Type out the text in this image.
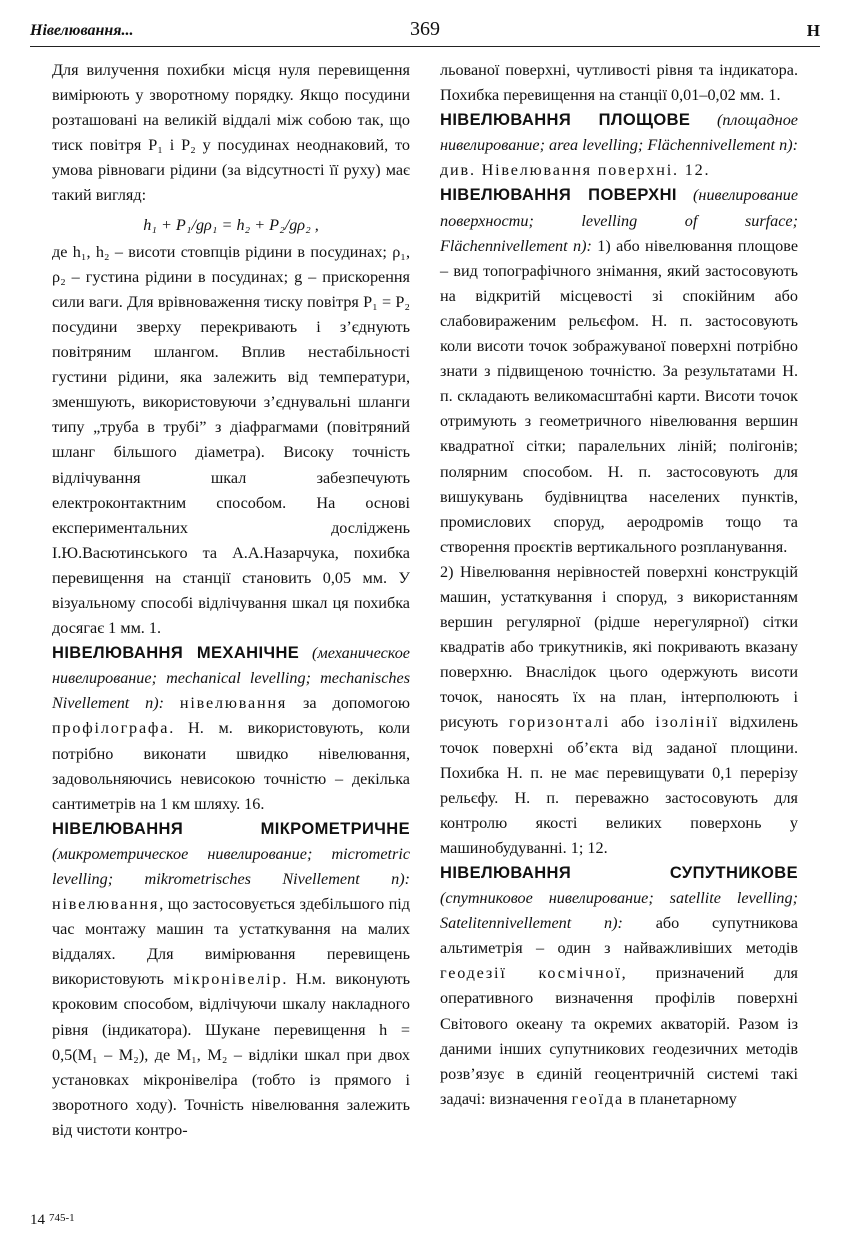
Нівелювання...	369	Н

Для вилучення похибки місця нуля перевищення вимірюють у зворотному порядку. Якщо посудини розташовані на великій віддалі між собою так, що тиск повітря P₁ і P₂ у посудинах неоднаковий, то умова рівноваги рідини (за відсутності її руху) має такий вигляд:

h₁ + P₁/gρ₁ = h₂ + P₂/gρ₂ ,

де h₁, h₂ – висоти стовпців рідини в посудинах; ρ₁, ρ₂ – густина рідини в посудинах; g – прискорення сили ваги. Для врівноваження тиску повітря P₁ = P₂ посудини зверху перекривають і з’єднують повітряним шлангом. Вплив нестабільності густини рідини, яка залежить від температури, зменшують, використовуючи з’єднувальні шланги типу „труба в трубі” з діафрагмами (повітряний шланг більшого діаметра). Високу точність відлічування шкал забезпечують електроконтактним способом. На основі експериментальних досліджень І.Ю.Васютинського та А.А.Назарчука, похибка перевищення на станції становить 0,05 мм. У візуальному способі відлічування шкал ця похибка досягає 1 мм. 1.

НІВЕЛЮВАННЯ МЕХАНІЧНЕ (механическое нивелирование; mechanical levelling; mechanisches Nivellement n): нівелювання за допомогою профілографа. Н. м. використовують, коли потрібно виконати швидко нівелювання, задовольняючись невисокою точністю – декілька сантиметрів на 1 км шляху. 16.

НІВЕЛЮВАННЯ МІКРОМЕТРИЧНЕ (микрометрическое нивелирование; micrometric levelling; mikrometrisches Nivellement n): нівелювання, що застосовується здебільшого під час монтажу машин та устаткування на малих віддалях. Для вимірювання перевищень використовують мікронівелір. Н.м. виконують кроковим способом, відлічуючи шкалу накладного рівня (індикатора). Шукане перевищення h = 0,5(M₁ – M₂), де M₁, M₂ – відліки шкал при двох установках мікронівеліра (тобто із прямого і зворотного ходу). Точність нівелювання залежить від чистоти контро-

льованої поверхні, чутливості рівня та індикатора. Похибка перевищення на станції 0,01–0,02 мм. 1.

НІВЕЛЮВАННЯ ПЛОЩОВЕ (площадное нивелирование; area levelling; Flächennivellement n): див. Нівелювання поверхні. 12.

НІВЕЛЮВАННЯ ПОВЕРХНІ (нивелирование поверхности; levelling of surface; Flächennivellement n): 1) або нівелювання площове – вид топографічного знімання, який застосовують на відкритій місцевості зі спокійним або слабовираженим рельєфом. Н. п. застосовують коли висоти точок зображуваної поверхні потрібно знати з підвищеною точністю. За результатами Н. п. складають великомасштабні карти. Висоти точок отримують з геометричного нівелювання вершин квадратної сітки; паралельних ліній; полігонів; полярним способом. Н. п. застосовують для вишукувань будівництва населених пунктів, промислових споруд, аеродромів тощо та створення проєктів вертикального розпланування.

2) Нівелювання нерівностей поверхні конструкцій машин, устаткування і споруд, з використанням вершин регулярної (рідше нерегулярної) сітки квадратів або трикутників, які покривають вказану поверхню. Внаслідок цього одержують висоти точок, наносять їх на план, інтерполюють і рисують горизонталі або ізолінії відхилень точок поверхні об’єкта від заданої площини. Похибка Н. п. не має перевищувати 0,1 перерізу рельєфу. Н. п. переважно застосовують для контролю якості великих поверхонь у машинобудуванні. 1; 12.

НІВЕЛЮВАННЯ СУПУТНИКОВЕ (спутниковое нивелирование; satellite levelling; Satelitennivellement n): або супутникова альтиметрія – один з найважливіших методів геодезії космічної, призначений для оперативного визначення профілів поверхні Світового океану та окремих акваторій. Разом із даними інших супутникових геодезичних методів розв’язує в єдиній геоцентричній системі такі задачі: визначення геоїда в планетарному

14 $^{745-1}$
